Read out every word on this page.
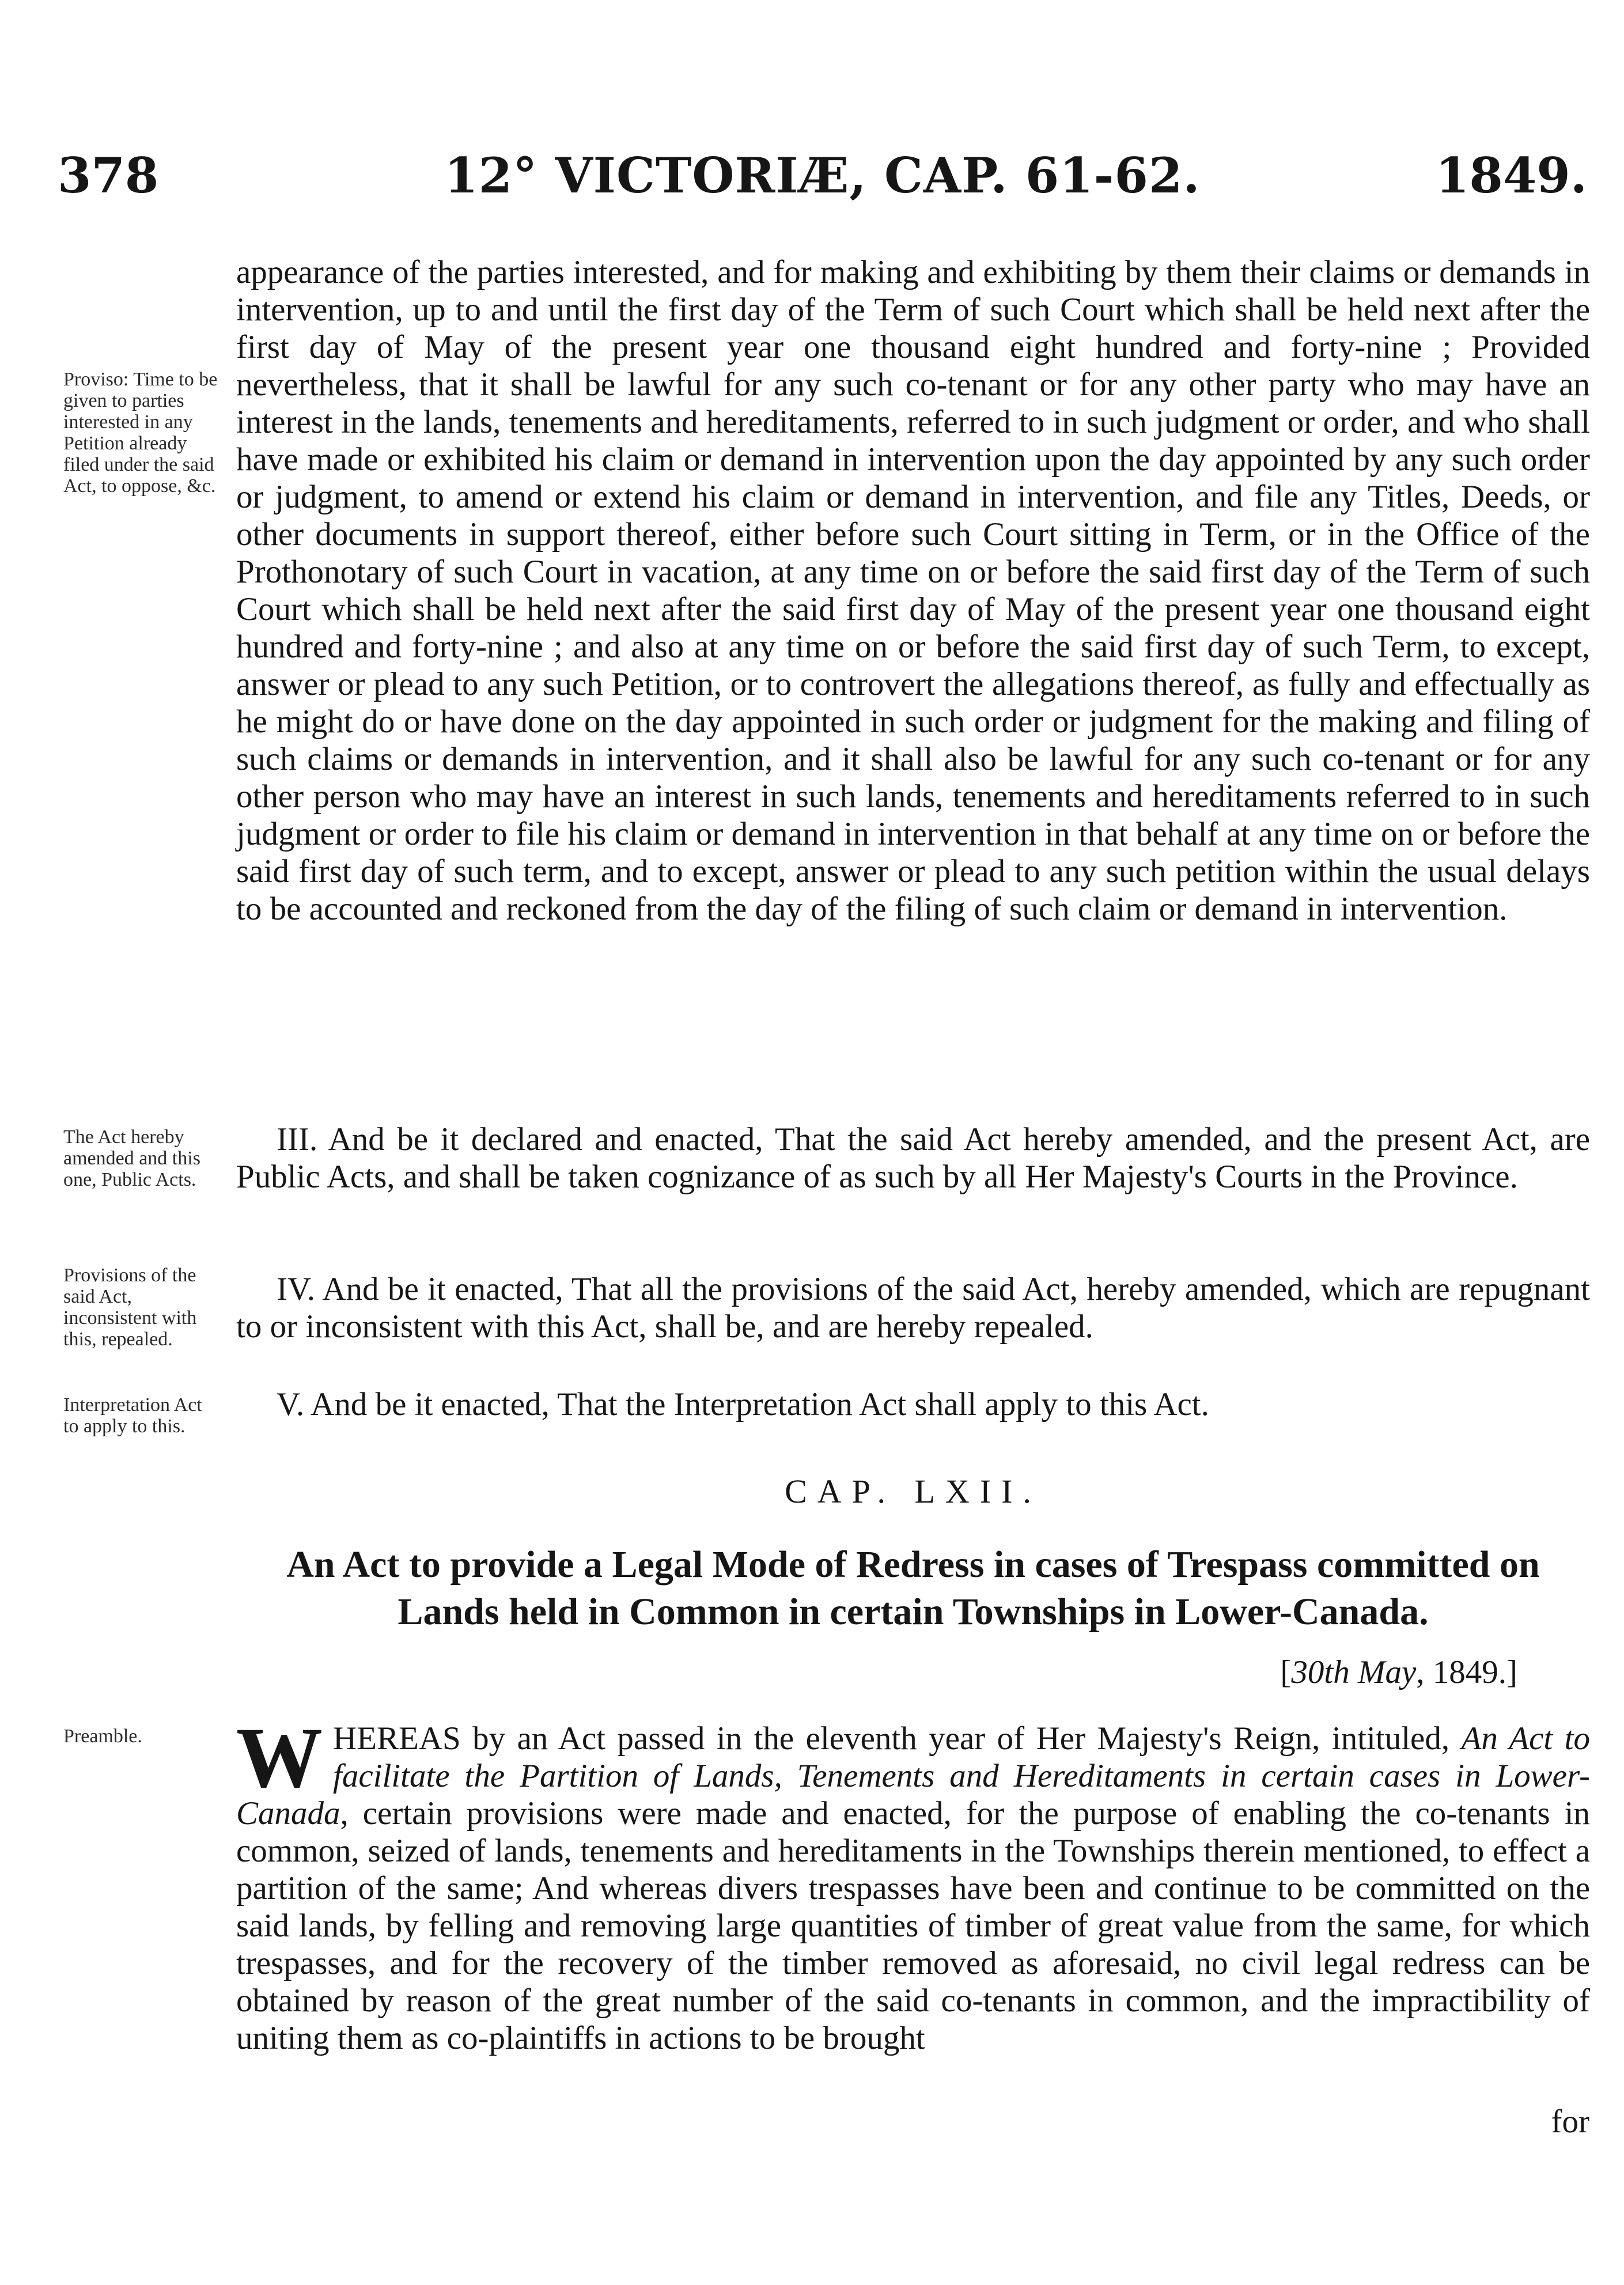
12° VICTORIÆ, CAP. 61-62.
378	1849.
Proviso: Time to be given to parties interested in any Petition already filed under the said Act, to oppose, &c.
appearance of the parties interested, and for making and exhibiting by them their claims or demands in intervention, up to and until the first day of the Term of such Court which shall be held next after the first day of May of the present year one thousand eight hundred and forty-nine ; Provided nevertheless, that it shall be lawful for any such co-tenant or for any other party who may have an interest in the lands, tenements and hereditaments, referred to in such judgment or order, and who shall have made or exhibited his claim or demand in intervention upon the day appointed by any such order or judgment, to amend or extend his claim or demand in intervention, and file any Titles, Deeds, or other documents in support thereof, either before such Court sitting in Term, or in the Office of the Prothonotary of such Court in vacation, at any time on or before the said first day of the Term of such Court which shall be held next after the said first day of May of the present year one thousand eight hundred and forty-nine ; and also at any time on or before the said first day of such Term, to except, answer or plead to any such Petition, or to controvert the allegations thereof, as fully and effectually as he might do or have done on the day appointed in such order or judgment for the making and filing of such claims or demands in intervention, and it shall also be lawful for any such co-tenant or for any other person who may have an interest in such lands, tenements and hereditaments referred to in such judgment or order to file his claim or demand in intervention in that behalf at any time on or before the said first day of such term, and to except, answer or plead to any such petition within the usual delays to be accounted and reckoned from the day of the filing of such claim or demand in intervention.
The Act hereby amended and this one, Public Acts.
III. And be it declared and enacted, That the said Act hereby amended, and the present Act, are Public Acts, and shall be taken cognizance of as such by all Her Majesty's Courts in the Province.
Provisions of the said Act, inconsistent with this, repealed.
IV. And be it enacted, That all the provisions of the said Act, hereby amended, which are repugnant to or inconsistent with this Act, shall be, and are hereby repealed.
Interpretation Act to apply to this.
V. And be it enacted, That the Interpretation Act shall apply to this Act.
CAP. LXII.
An Act to provide a Legal Mode of Redress in cases of Trespass committed on Lands held in Common in certain Townships in Lower-Canada.
[30th May, 1849.]
Preamble.	WHEREAS by an Act passed in the eleventh year of Her Majesty's Reign, intituled, An Act to facilitate the Partition of Lands, Tenements and Hereditaments in certain cases in Lower-Canada, certain provisions were made and enacted, for the purpose of enabling the co-tenants in common, seized of lands, tenements and hereditaments in the Townships therein mentioned, to effect a partition of the same; And whereas divers trespasses have been and continue to be committed on the said lands, by felling and removing large quantities of timber of great value from the same, for which trespasses, and for the recovery of the timber removed as aforesaid, no civil legal redress can be obtained by reason of the great number of the said co-tenants in common, and the impractibility of uniting them as co-plaintiffs in actions to be brought
for
